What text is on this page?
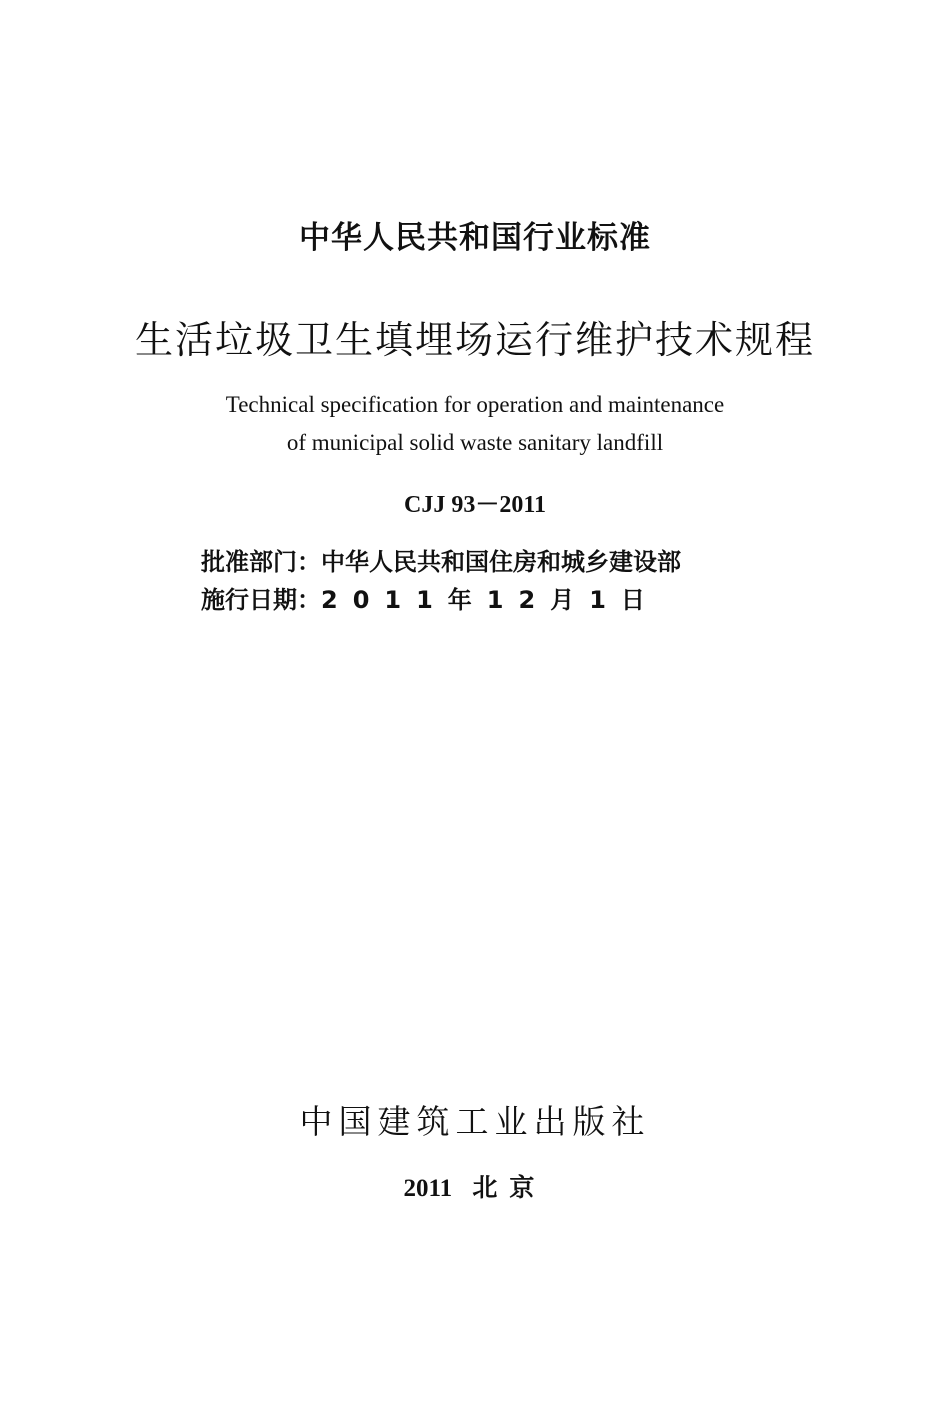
中华人民共和国行业标准
生活垃圾卫生填埋场运行维护技术规程
Technical specification for operation and maintenance
of municipal solid waste sanitary landfill
CJJ 93－2011
批准部门：中华人民共和国住房和城乡建设部
施行日期：2011年12月1日
中国建筑工业出版社
2011 北京
